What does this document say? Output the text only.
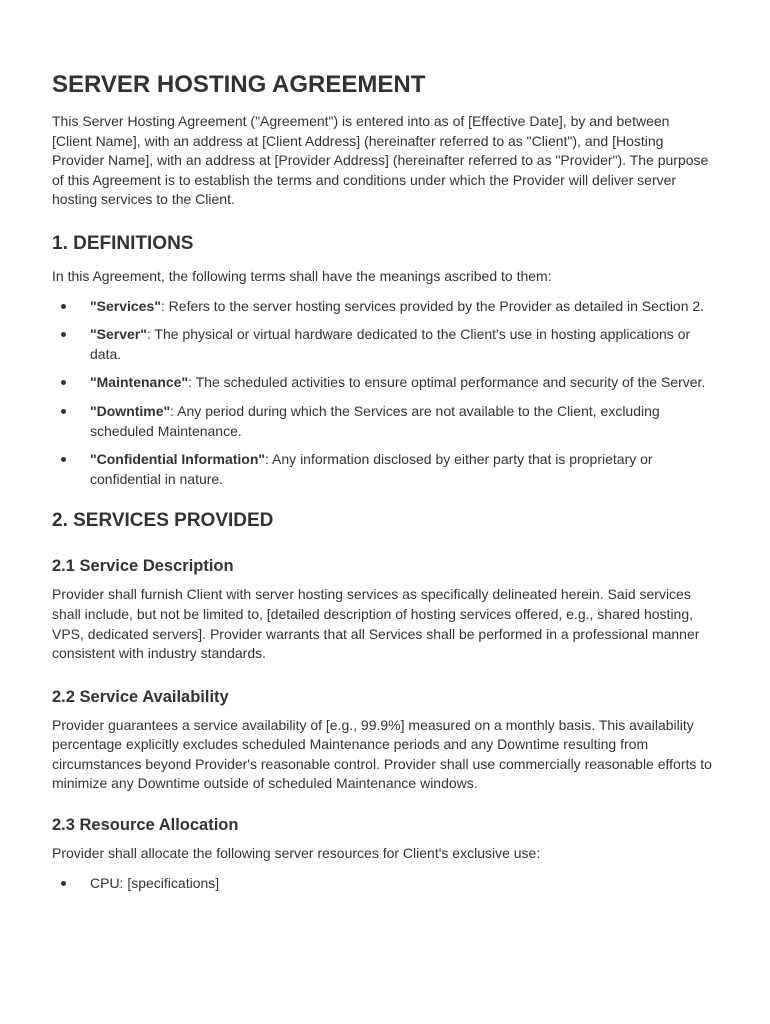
SERVER HOSTING AGREEMENT

This Server Hosting Agreement ("Agreement") is entered into as of [Effective Date], by and between [Client Name], with an address at [Client Address] (hereinafter referred to as "Client"), and [Hosting Provider Name], with an address at [Provider Address] (hereinafter referred to as "Provider"). The purpose of this Agreement is to establish the terms and conditions under which the Provider will deliver server hosting services to the Client.

1. DEFINITIONS

In this Agreement, the following terms shall have the meanings ascribed to them:

"Services": Refers to the server hosting services provided by the Provider as detailed in Section 2.
"Server": The physical or virtual hardware dedicated to the Client's use in hosting applications or data.
"Maintenance": The scheduled activities to ensure optimal performance and security of the Server.
"Downtime": Any period during which the Services are not available to the Client, excluding scheduled Maintenance.
"Confidential Information": Any information disclosed by either party that is proprietary or confidential in nature.
2. SERVICES PROVIDED
2.1 Service Description

Provider shall furnish Client with server hosting services as specifically delineated herein. Said services shall include, but not be limited to, [detailed description of hosting services offered, e.g., shared hosting, VPS, dedicated servers]. Provider warrants that all Services shall be performed in a professional manner consistent with industry standards.

2.2 Service Availability

Provider guarantees a service availability of [e.g., 99.9%] measured on a monthly basis. This availability percentage explicitly excludes scheduled Maintenance periods and any Downtime resulting from circumstances beyond Provider's reasonable control. Provider shall use commercially reasonable efforts to minimize any Downtime outside of scheduled Maintenance windows.

2.3 Resource Allocation

Provider shall allocate the following server resources for Client's exclusive use:

CPU: [specifications]
